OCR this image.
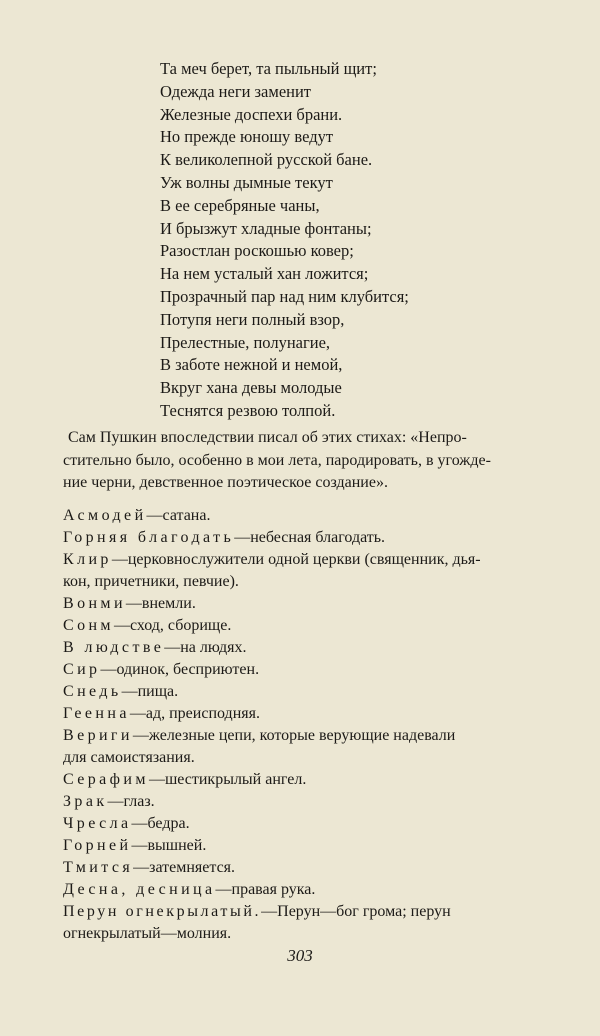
Та меч берет, та пыльный щит;
Одежда неги заменит
Железные доспехи брани.
Но прежде юношу ведут
К великолепной русской бане.
Уж волны дымные текут
В ее серебряные чаны,
И брызжут хладные фонтаны;
Разостлан роскошью ковер;
На нем усталый хан ложится;
Прозрачный пар над ним клубится;
Потупя неги полный взор,
Прелестные, полунагие,
В заботе нежной и немой,
Вкруг хана девы молодые
Теснятся резвою толпой.
Сам Пушкин впоследствии писал об этих стихах: «Непро-
стительно было, особенно в мои лета, пародировать, в угожде-
ние черни, девственное поэтическое создание».
Асмодей—сатана.
Горняя благодать—небесная благодать.
Клир—церковнослужители одной церкви (священник, дья-
кон, причетники, певчие).
Вонми—внемли.
Сонм—сход, сборище.
В людстве—на людях.
Сир—одинок, бесприютен.
Снедь—пища.
Геенна—ад, преисподняя.
Вериги—железные цепи, которые верующие надевали
для самоистязания.
Серафим—шестикрылый ангел.
Зрак—глаз.
Чресла—бедра.
Горней—вышней.
Тмится—затемняется.
Десна, десница—правая рука.
Перун огнекрылатый.—Перун—бог грома; перун
огнекрылатый—молния.
303
